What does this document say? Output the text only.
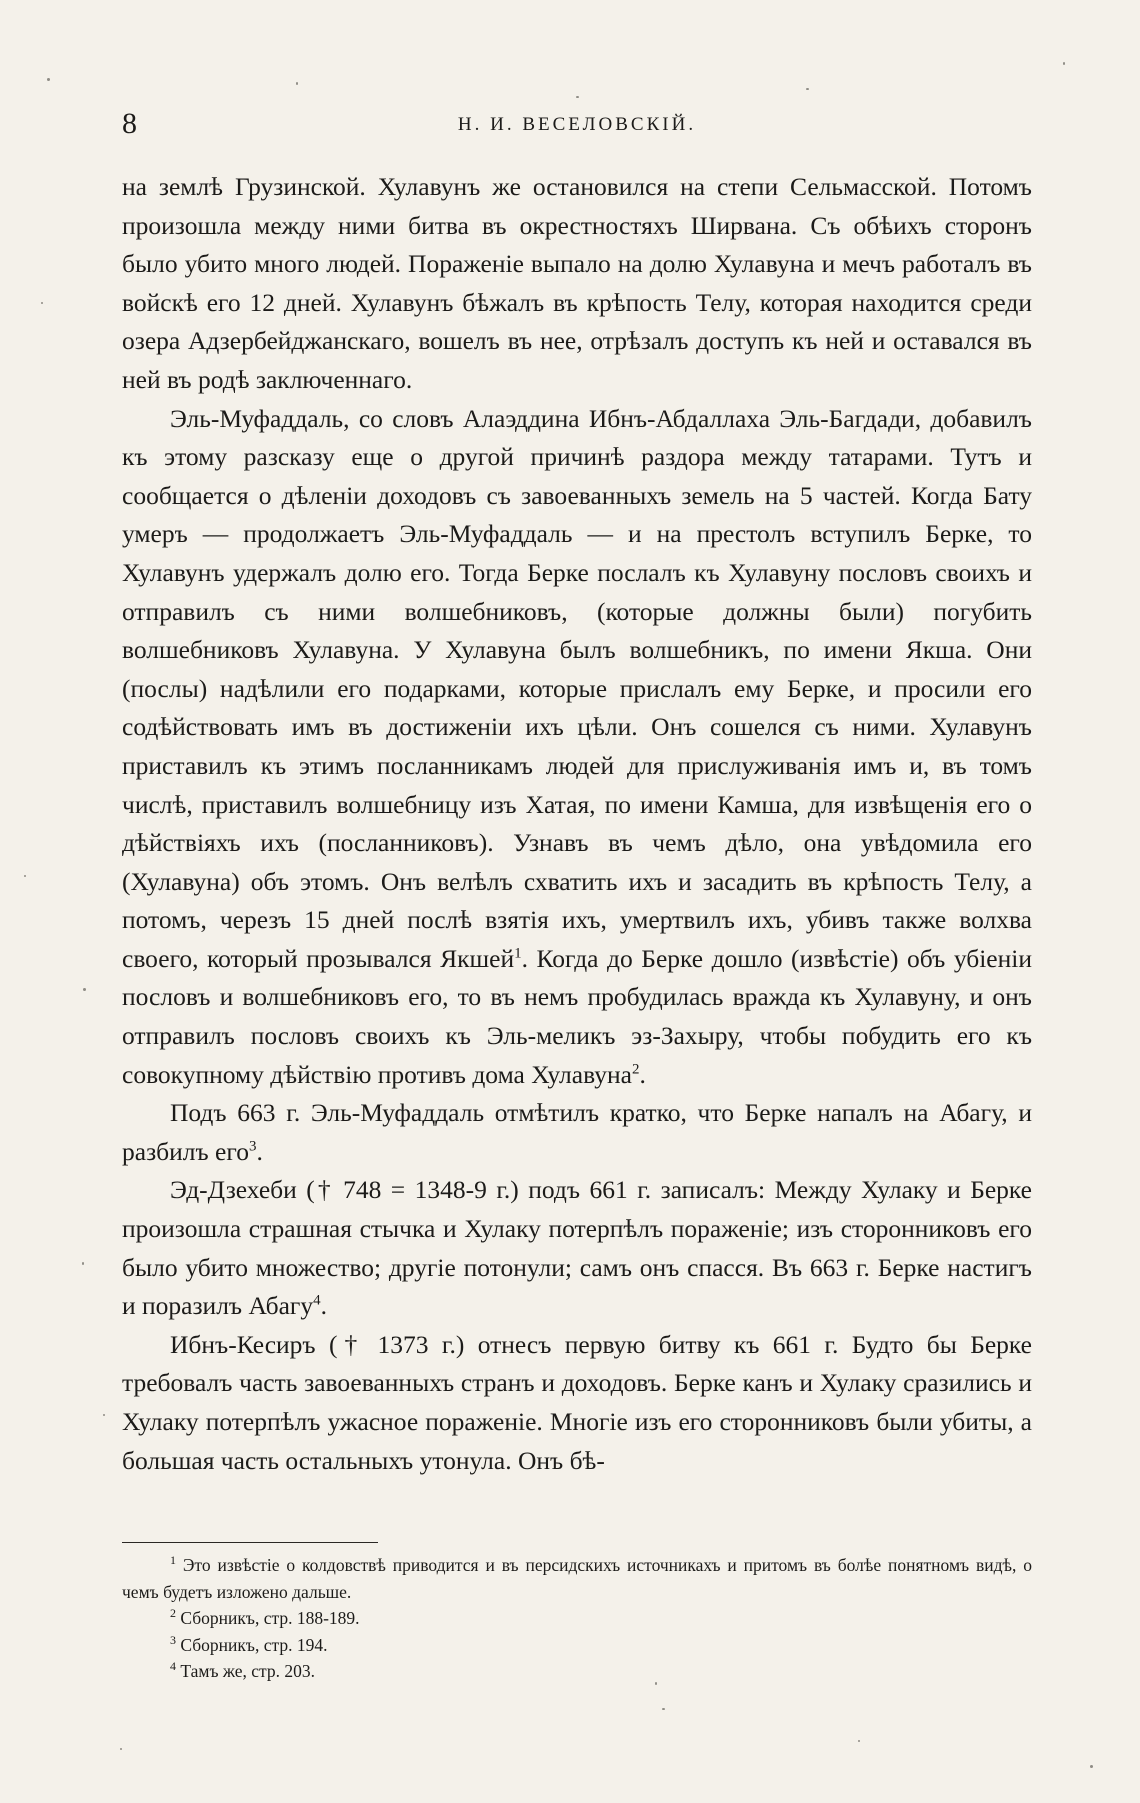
8	Н. И. ВЕСЕЛОВСКІЙ.

на землѣ Грузинской. Хулавунъ же остановился на степи Сельмасской. Потомъ произошла между ними битва въ окрестностяхъ Ширвана. Съ обѣихъ сторонъ было убито много людей. Пораженіе выпало на долю Хулавуна и мечъ работалъ въ войскѣ его 12 дней. Хулавунъ бѣжалъ въ крѣпость Телу, которая находится среди озера Адзербейджанскаго, вошелъ въ нее, отрѣзалъ доступъ къ ней и оставался въ ней въ родѣ заключеннаго.

Эль-Муфаддаль, со словъ Алаэддина Ибнъ-Абдаллаха Эль-Багдади, добавилъ къ этому разсказу еще о другой причинѣ раздора между татарами. Тутъ и сообщается о дѣленіи доходовъ съ завоеванныхъ земель на 5 частей. Когда Бату умеръ — продолжаетъ Эль-Муфаддаль — и на престолъ вступилъ Берке, то Хулавунъ удержалъ долю его. Тогда Берке послалъ къ Хулавуну пословъ своихъ и отправилъ съ ними волшебниковъ, (которые должны были) погубить волшебниковъ Хулавуна. У Хулавуна былъ волшебникъ, по имени Якша. Они (послы) надѣлили его подарками, которые прислалъ ему Берке, и просили его содѣйствовать имъ въ достиженіи ихъ цѣли. Онъ сошелся съ ними. Хулавунъ приставилъ къ этимъ посланникамъ людей для прислуживанія имъ и, въ томъ числѣ, приставилъ волшебницу изъ Хатая, по имени Камша, для извѣщенія его о дѣйствіяхъ ихъ (посланниковъ). Узнавъ въ чемъ дѣло, она увѣдомила его (Хулавуна) объ этомъ. Онъ велѣлъ схватить ихъ и засадить въ крѣпость Телу, а потомъ, черезъ 15 дней послѣ взятія ихъ, умертвилъ ихъ, убивъ также волхва своего, который прозывался Якшей$^1$. Когда до Берке дошло (извѣстіе) объ убіеніи пословъ и волшебниковъ его, то въ немъ пробудилась вражда къ Хулавуну, и онъ отправилъ пословъ своихъ къ Эль-меликъ эз-Захыру, чтобы побудить его къ совокупному дѣйствію противъ дома Хулавуна$^2$.

Подъ 663 г. Эль-Муфаддаль отмѣтилъ кратко, что Берке напалъ на Абагу, и разбилъ его$^3$.

Эд-Дзехеби († 748 = 1348-9 г.) подъ 661 г. записалъ: Между Хулаку и Берке произошла страшная стычка и Хулаку потерпѣлъ пораженіе; изъ сторонниковъ его было убито множество; другіе потонули; самъ онъ спасся. Въ 663 г. Берке настигъ и поразилъ Абагу$^4$.

Ибнъ-Кесиръ († 1373 г.) отнесъ первую битву къ 661 г. Будто бы Берке требовалъ часть завоеванныхъ странъ и доходовъ. Берке канъ и Хулаку сразились и Хулаку потерпѣлъ ужасное пораженіе. Многіе изъ его сторонниковъ были убиты, а большая часть остальныхъ утонула. Онъ бѣ-

$^1$ Это извѣстіе о колдовствѣ приводится и въ персидскихъ источникахъ и притомъ въ болѣе понятномъ видѣ, о чемъ будетъ изложено дальше.

$^2$ Сборникъ, стр. 188-189.

$^3$ Сборникъ, стр. 194.

$^4$ Тамъ же, стр. 203.
